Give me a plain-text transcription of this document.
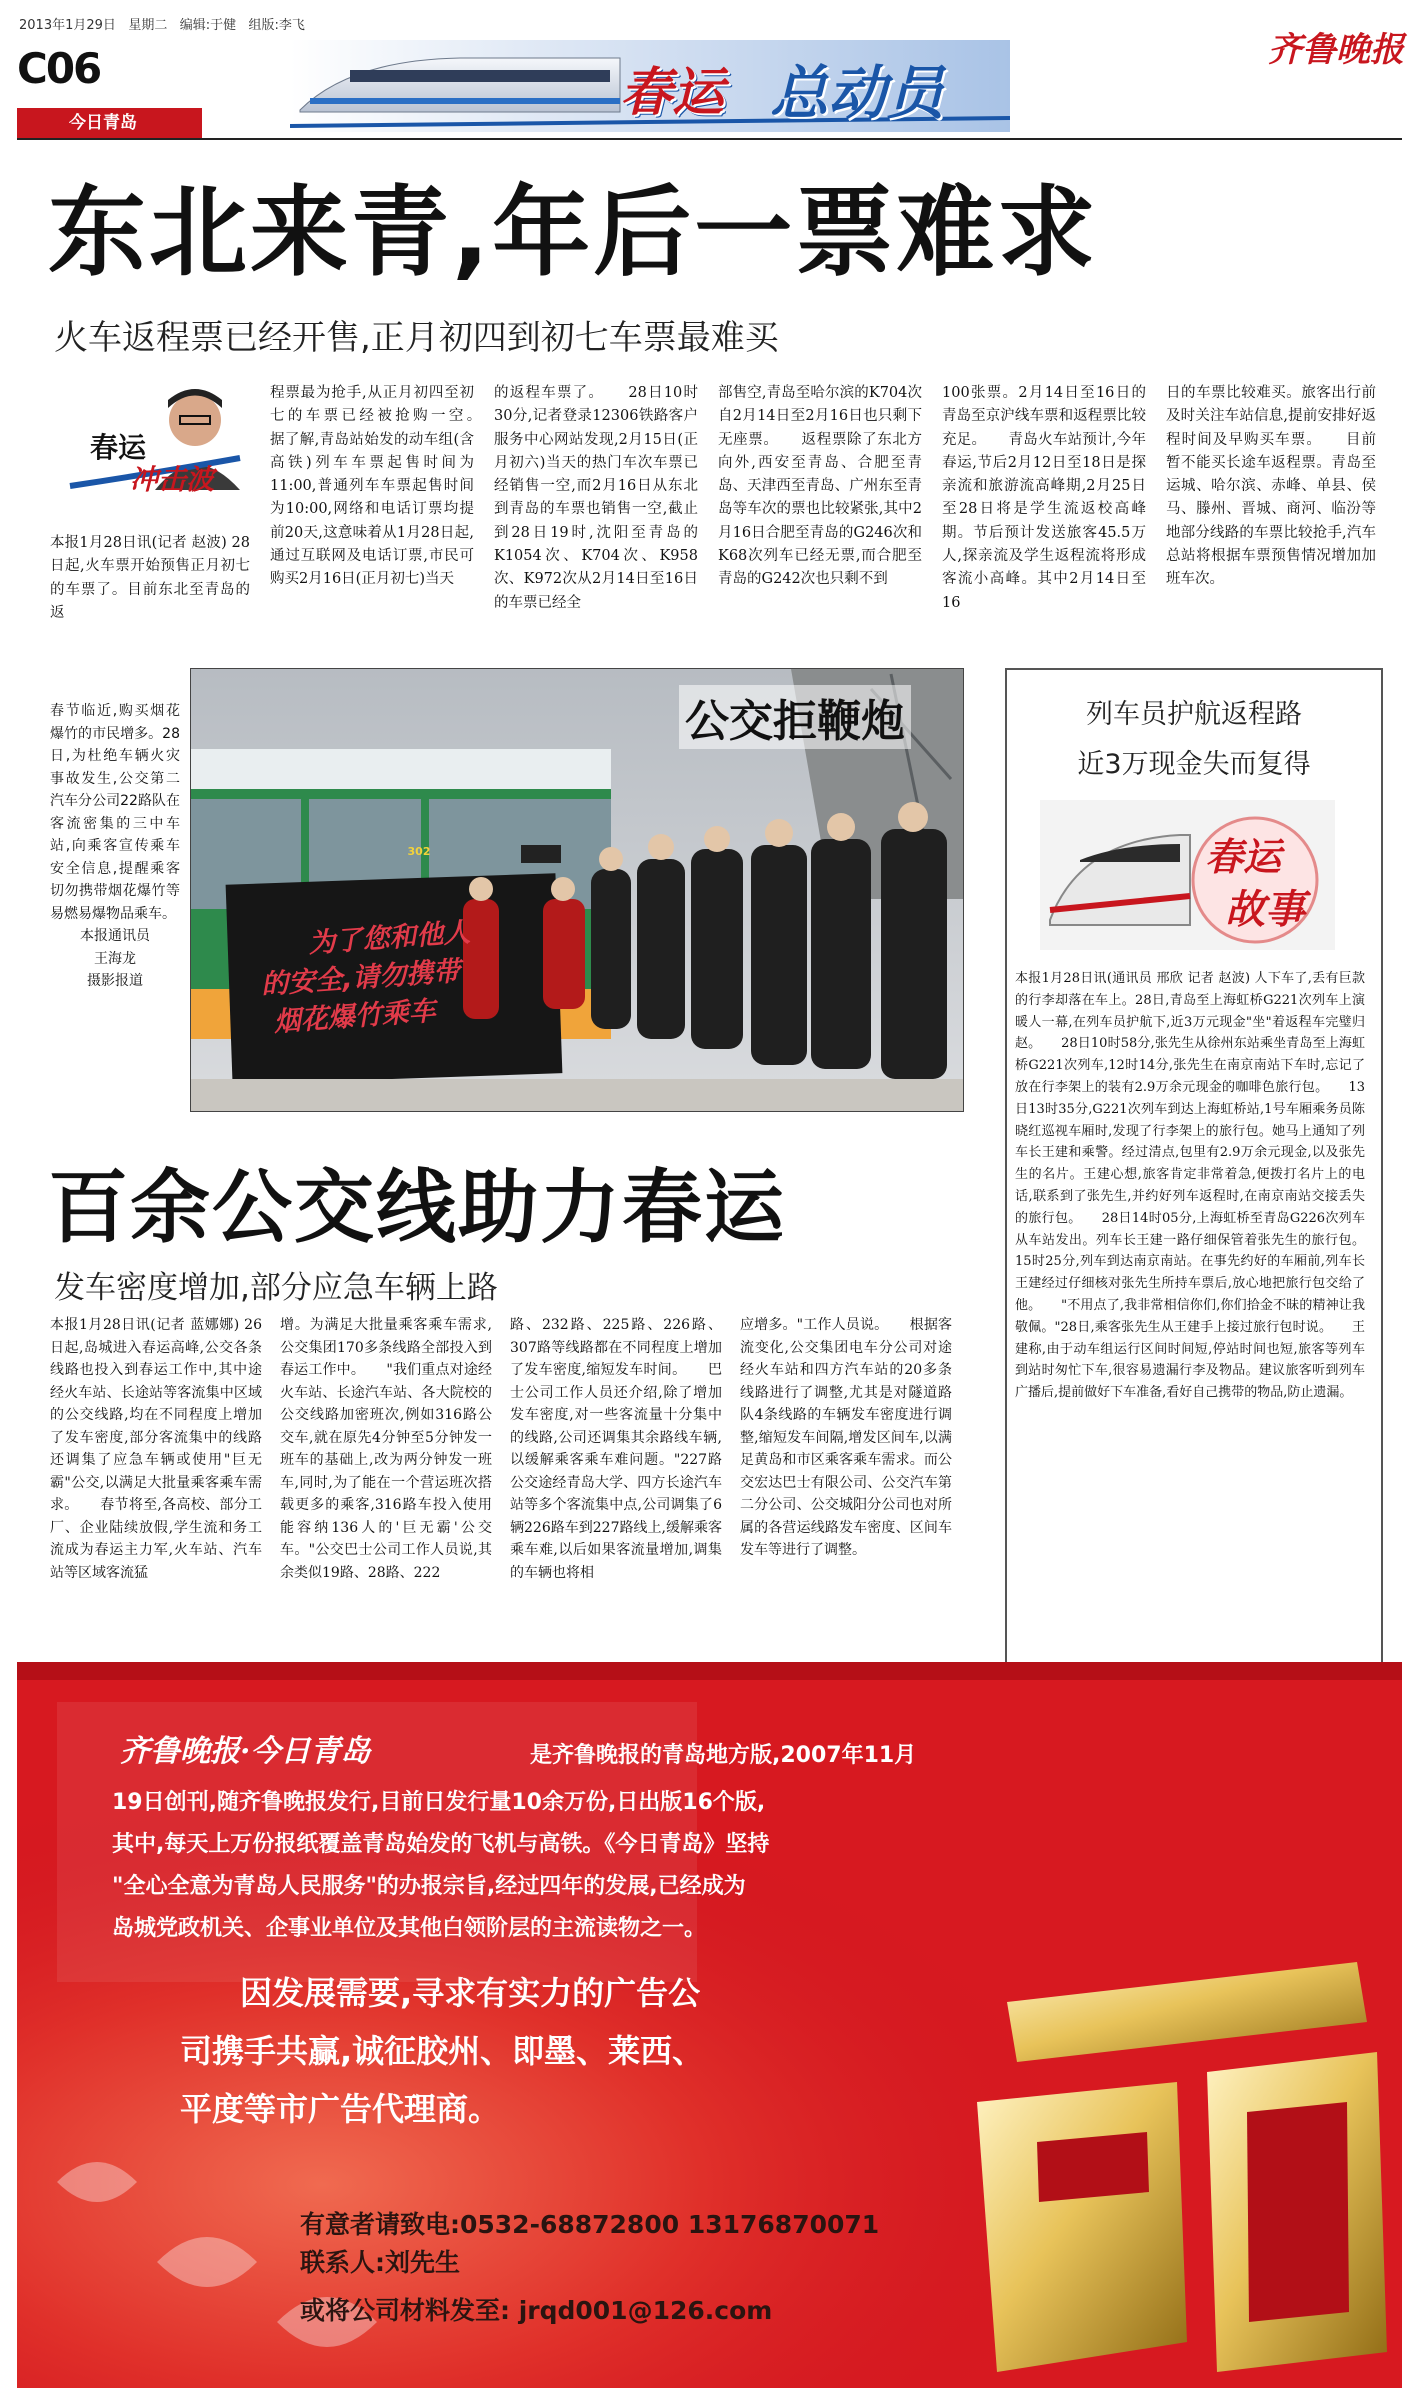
2013年1月29日 星期二 编辑:于健 组版:李飞
C06
今日青岛	春运 总动员
齐鲁晚报
东北来青,年后一票难求
火车返程票已经开售,正月初四到初七车票最难买
春运
冲击波
本报1月28日讯(记者 赵波) 28日起,火车票开始预售正月初七的车票了。目前东北至青岛的返
程票最为抢手,从正月初四至初七的车票已经被抢购一空。　　据了解,青岛站始发的动车组(含高铁)列车车票起售时间为11:00,普通列车车票起售时间为10:00,网络和电话订票均提前20天,这意味着从1月28日起,通过互联网及电话订票,市民可购买2月16日(正月初七)当天
的返程车票了。　　28日10时30分,记者登录12306铁路客户服务中心网站发现,2月15日(正月初六)当天的热门车次车票已经销售一空,而2月16日从东北到青岛的车票也销售一空,截止到28日19时,沈阳至青岛的K1054次、K704次、K958次、K972次从2月14日至16日的车票已经全
部售空,青岛至哈尔滨的K704次自2月14日至2月16日也只剩下无座票。　　返程票除了东北方向外,西安至青岛、合肥至青岛、天津西至青岛、广州东至青岛等车次的票也比较紧张,其中2月16日合肥至青岛的G246次和K68次列车已经无票,而合肥至青岛的G242次也只剩不到
100张票。2月14日至16日的青岛至京沪线车票和返程票比较充足。　　青岛火车站预计,今年春运,节后2月12日至18日是探亲流和旅游流高峰期,2月25日至28日将是学生流返校高峰期。节后预计发送旅客45.5万人,探亲流及学生返程流将形成客流小高峰。其中2月14日至16
日的车票比较难买。旅客出行前及时关注车站信息,提前安排好返程时间及早购买车票。　　目前暂不能买长途车返程票。青岛至运城、哈尔滨、赤峰、单县、侯马、滕州、晋城、商河、临汾等地部分线路的车票比较抢手,汽车总站将根据车票预售情况增加加班车次。
春节临近,购买烟花爆竹的市民增多。28日,为杜绝车辆火灾事故发生,公交第二汽车分公司22路队在客流密集的三中车站,向乘客宣传乘车安全信息,提醒乘客切勿携带烟花爆竹等易燃易爆物品乘车。

本报通讯员
王海龙
摄影报道
302
为了您和他人
的安全,请勿携带
烟花爆竹乘车
公交拒鞭炮	列车员护航返程路
近3万现金失而复得
春运
故事
本报1月28日讯(通讯员 邢欣 记者 赵波) 人下车了,丢有巨款的行李却落在车上。28日,青岛至上海虹桥G221次列车上演暖人一幕,在列车员护航下,近3万元现金"坐"着返程车完璧归赵。　　28日10时58分,张先生从徐州东站乘坐青岛至上海虹桥G221次列车,12时14分,张先生在南京南站下车时,忘记了放在行李架上的装有2.9万余元现金的咖啡色旅行包。　　13日13时35分,G221次列车到达上海虹桥站,1号车厢乘务员陈晓红巡视车厢时,发现了行李架上的旅行包。她马上通知了列车长王建和乘警。经过清点,包里有2.9万余元现金,以及张先生的名片。王建心想,旅客肯定非常着急,便拨打名片上的电话,联系到了张先生,并约好列车返程时,在南京南站交接丢失的旅行包。　　28日14时05分,上海虹桥至青岛G226次列车从车站发出。列车长王建一路仔细保管着张先生的旅行包。15时25分,列车到达南京南站。在事先约好的车厢前,列车长王建经过仔细核对张先生所持车票后,放心地把旅行包交给了他。　　"不用点了,我非常相信你们,你们拾金不昧的精神让我敬佩。"28日,乘客张先生从王建手上接过旅行包时说。　　王建称,由于动车组运行区间时间短,停站时间也短,旅客等列车到站时匆忙下车,很容易遗漏行李及物品。建议旅客听到列车广播后,提前做好下车准备,看好自己携带的物品,防止遗漏。
百余公交线助力春运
发车密度增加,部分应急车辆上路
本报1月28日讯(记者 蓝娜娜) 26日起,岛城进入春运高峰,公交各条线路也投入到春运工作中,其中途经火车站、长途站等客流集中区域的公交线路,均在不同程度上增加了发车密度,部分客流集中的线路还调集了应急车辆或使用"巨无霸"公交,以满足大批量乘客乘车需求。　　春节将至,各高校、部分工厂、企业陆续放假,学生流和务工流成为春运主力军,火车站、汽车站等区域客流猛
增。为满足大批量乘客乘车需求,公交集团170多条线路全部投入到春运工作中。　　"我们重点对途经火车站、长途汽车站、各大院校的公交线路加密班次,例如316路公交车,就在原先4分钟至5分钟发一班车的基础上,改为两分钟发一班车,同时,为了能在一个营运班次搭载更多的乘客,316路车投入使用能容纳136人的'巨无霸'公交车。"公交巴士公司工作人员说,其余类似19路、28路、222
路、232路、225路、226路、307路等线路都在不同程度上增加了发车密度,缩短发车时间。　　巴士公司工作人员还介绍,除了增加发车密度,对一些客流量十分集中的线路,公司还调集其余路线车辆,以缓解乘客乘车难问题。"227路公交途经青岛大学、四方长途汽车站等多个客流集中点,公司调集了6辆226路车到227路线上,缓解乘客乘车难,以后如果客流量增加,调集的车辆也将相
应增多。"工作人员说。　　根据客流变化,公交集团电车分公司对途经火车站和四方汽车站的20多条线路进行了调整,尤其是对隧道路队4条线路的车辆发车密度进行调整,缩短发车间隔,增发区间车,以满足黄岛和市区乘客乘车需求。而公交宏达巴士有限公司、公交汽车第二分公司、公交城阳分公司也对所属的各营运线路发车密度、区间车发车等进行了调整。
齐鲁晚报·今日青岛	是齐鲁晚报的青岛地方版,2007年11月
19日创刊,随齐鲁晚报发行,目前日发行量10余万份,日出版16个版,
其中,每天上万份报纸覆盖青岛始发的飞机与高铁。《今日青岛》坚持
"全心全意为青岛人民服务"的办报宗旨,经过四年的发展,已经成为
岛城党政机关、企事业单位及其他白领阶层的主流读物之一。
因发展需要,寻求有实力的广告公
司携手共赢,诚征胶州、即墨、莱西、
平度等市广告代理商。
有意者请致电:0532-68872800 13176870071
联系人:刘先生
或将公司材料发至: jrqd001@126.com
